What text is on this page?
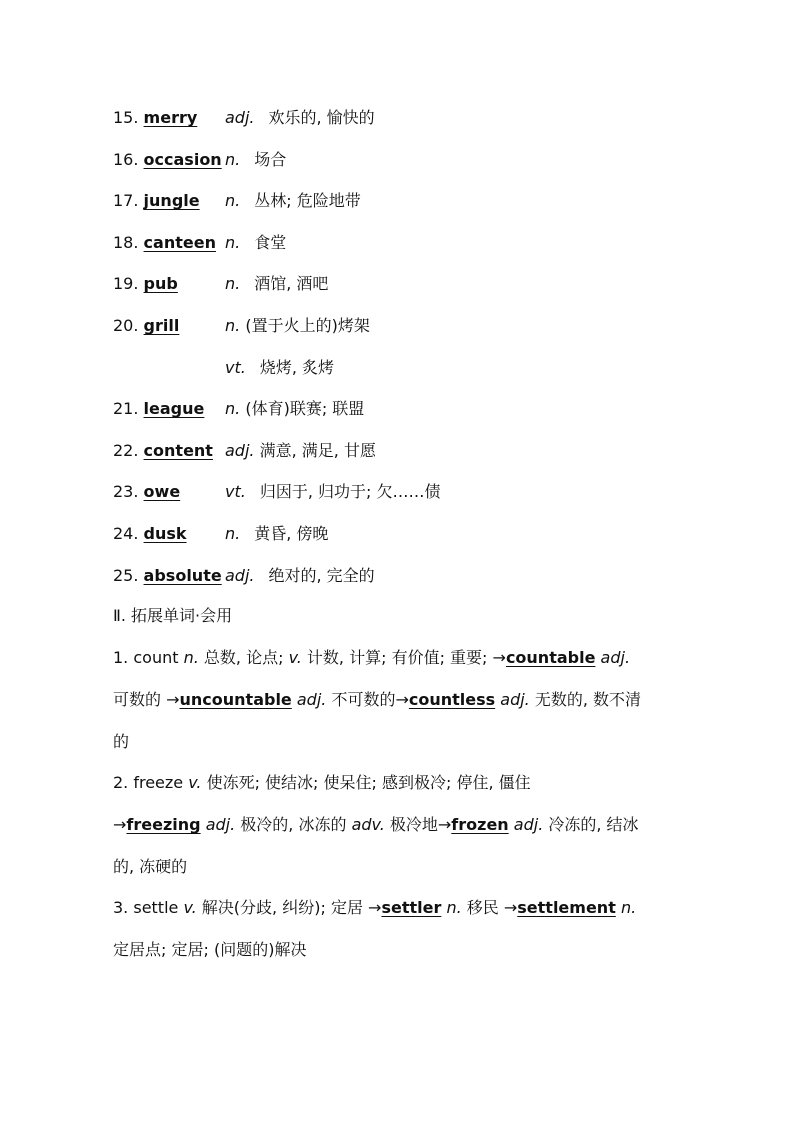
15. merry adj. 欢乐的, 愉快的
16. occasion n. 场合
17. jungle n. 丛林; 危险地带
18. canteen n. 食堂
19. pub	n. 酒馆, 酒吧
20. grill	n. (置于火上的)烤架
vt. 烧烤, 炙烤
21. league n. (体育)联赛; 联盟
22. content adj. 满意, 满足, 甘愿
23. owe	vt. 归因于, 归功于; 欠……债
24. dusk n. 黄昏, 傍晚
25. absolute adj. 绝对的, 完全的
Ⅱ. 拓展单词·会用
1. count n. 总数, 论点; v. 计数, 计算; 有价值; 重要; →countable adj.
可数的 →uncountable adj. 不可数的→countless adj. 无数的, 数不清
的
2. freeze v. 使冻死; 使结冰; 使呆住; 感到极冷; 停住, 僵住
→freezing adj. 极冷的, 冰冻的 adv. 极冷地→frozen adj. 冷冻的, 结冰
的, 冻硬的
3. settle v. 解决(分歧, 纠纷); 定居 →settler n. 移民 →settlement n.
定居点; 定居; (问题的)解决
